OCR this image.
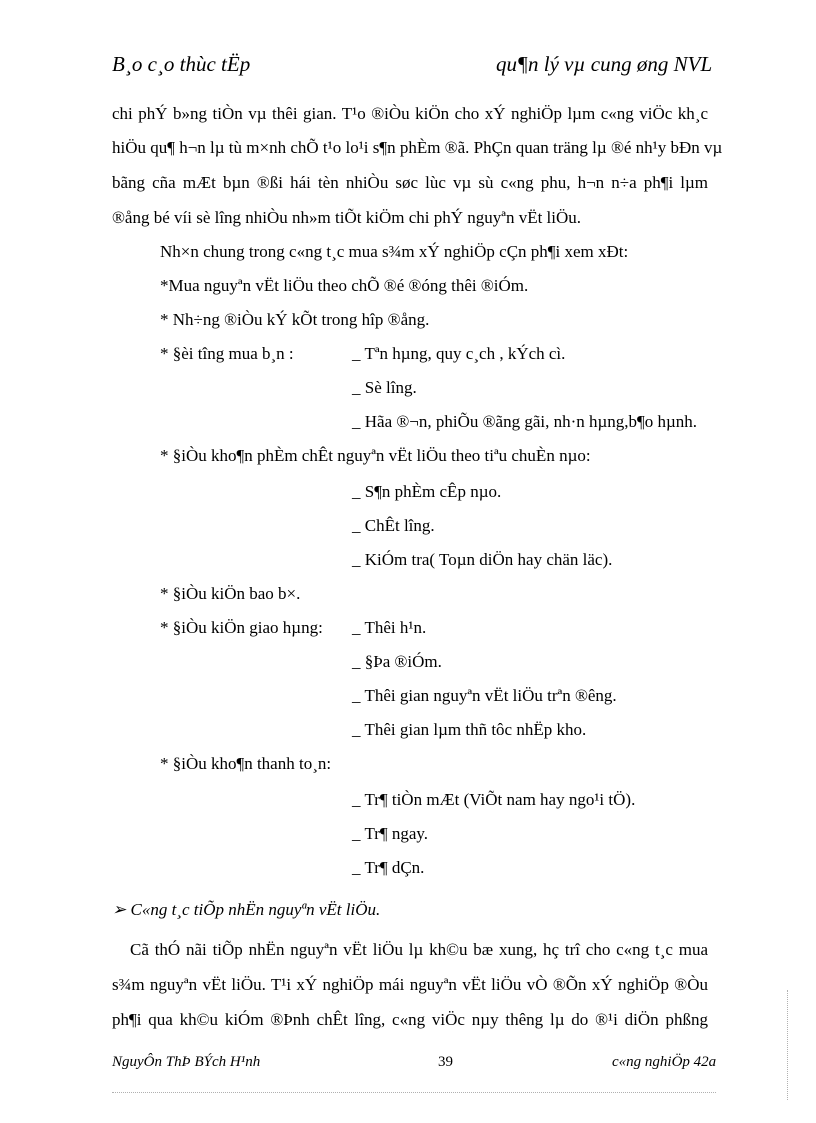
B¸o c¸o thùc tËp	qu¶n lý vµ cung øng NVL
chi phÝ b»ng tiÒn vµ thêi gian. T¹o ®iÒu kiÖn cho xÝ nghiÖp lµm c«ng viÖc kh¸c
hiÖu qu¶ h¬n lµ tù m×nh chÕ t¹o lo¹i s¶n phÈm ®ã. PhÇn quan träng lµ ®é nh¹y bÐn vµ
bãng cña mÆt bµn ®ßi hái tèn nhiÒu søc lùc vµ sù c«ng phu, h¬n n÷a ph¶i lµm
®ång bé víi sè lîng nhiÒu nh»m tiÕt kiÖm chi phÝ nguyªn vËt liÖu.
Nh×n chung trong c«ng t¸c mua s¾m xÝ nghiÖp cÇn ph¶i xem xÐt:
*Mua nguyªn vËt liÖu theo chÕ ®é ®óng thêi ®iÓm.
* Nh÷ng ®iÒu kÝ kÕt trong hîp ®ång.
* §èi tîng mua b¸n :	_ Tªn hµng, quy c¸ch , kÝch cì.
_ Sè lîng.
_ Hãa ®¬n, phiÕu ®ãng gãi, nh·n hµng,b¶o hµnh.
* §iÒu kho¶n phÈm chÊt nguyªn vËt liÖu theo tiªu chuÈn nµo:
_ S¶n phÈm cÊp nµo.
_ ChÊt lîng.
_ KiÓm tra( Toµn diÖn hay chän läc).
* §iÒu kiÖn bao b×.
* §iÒu kiÖn giao hµng: _ Thêi h¹n.
_ §Þa ®iÓm.
_ Thêi gian nguyªn vËt liÖu trªn ®êng.
_ Thêi gian lµm thñ tôc nhËp kho.
* §iÒu kho¶n thanh to¸n:
_ Tr¶ tiÒn mÆt (ViÕt nam hay ngo¹i tÖ).
_ Tr¶ ngay.
_ Tr¶ dÇn.
➢ C«ng t¸c tiÕp nhËn nguyªn vËt liÖu.
Cã thÓ nãi tiÕp nhËn nguyªn vËt liÖu lµ kh©u bæ xung, hç trî cho c«ng t¸c mua
s¾m nguyªn vËt liÖu. T¹i xÝ nghiÖp mái nguyªn vËt liÖu vÒ ®Õn xÝ nghiÖp ®Òu
ph¶i qua kh©u kiÓm ®Þnh chÊt lîng, c«ng viÖc nµy thêng lµ do ®¹i diÖn phßng
NguyÔn ThÞ BÝch H¹nh	39	c«ng nghiÖp 42a
